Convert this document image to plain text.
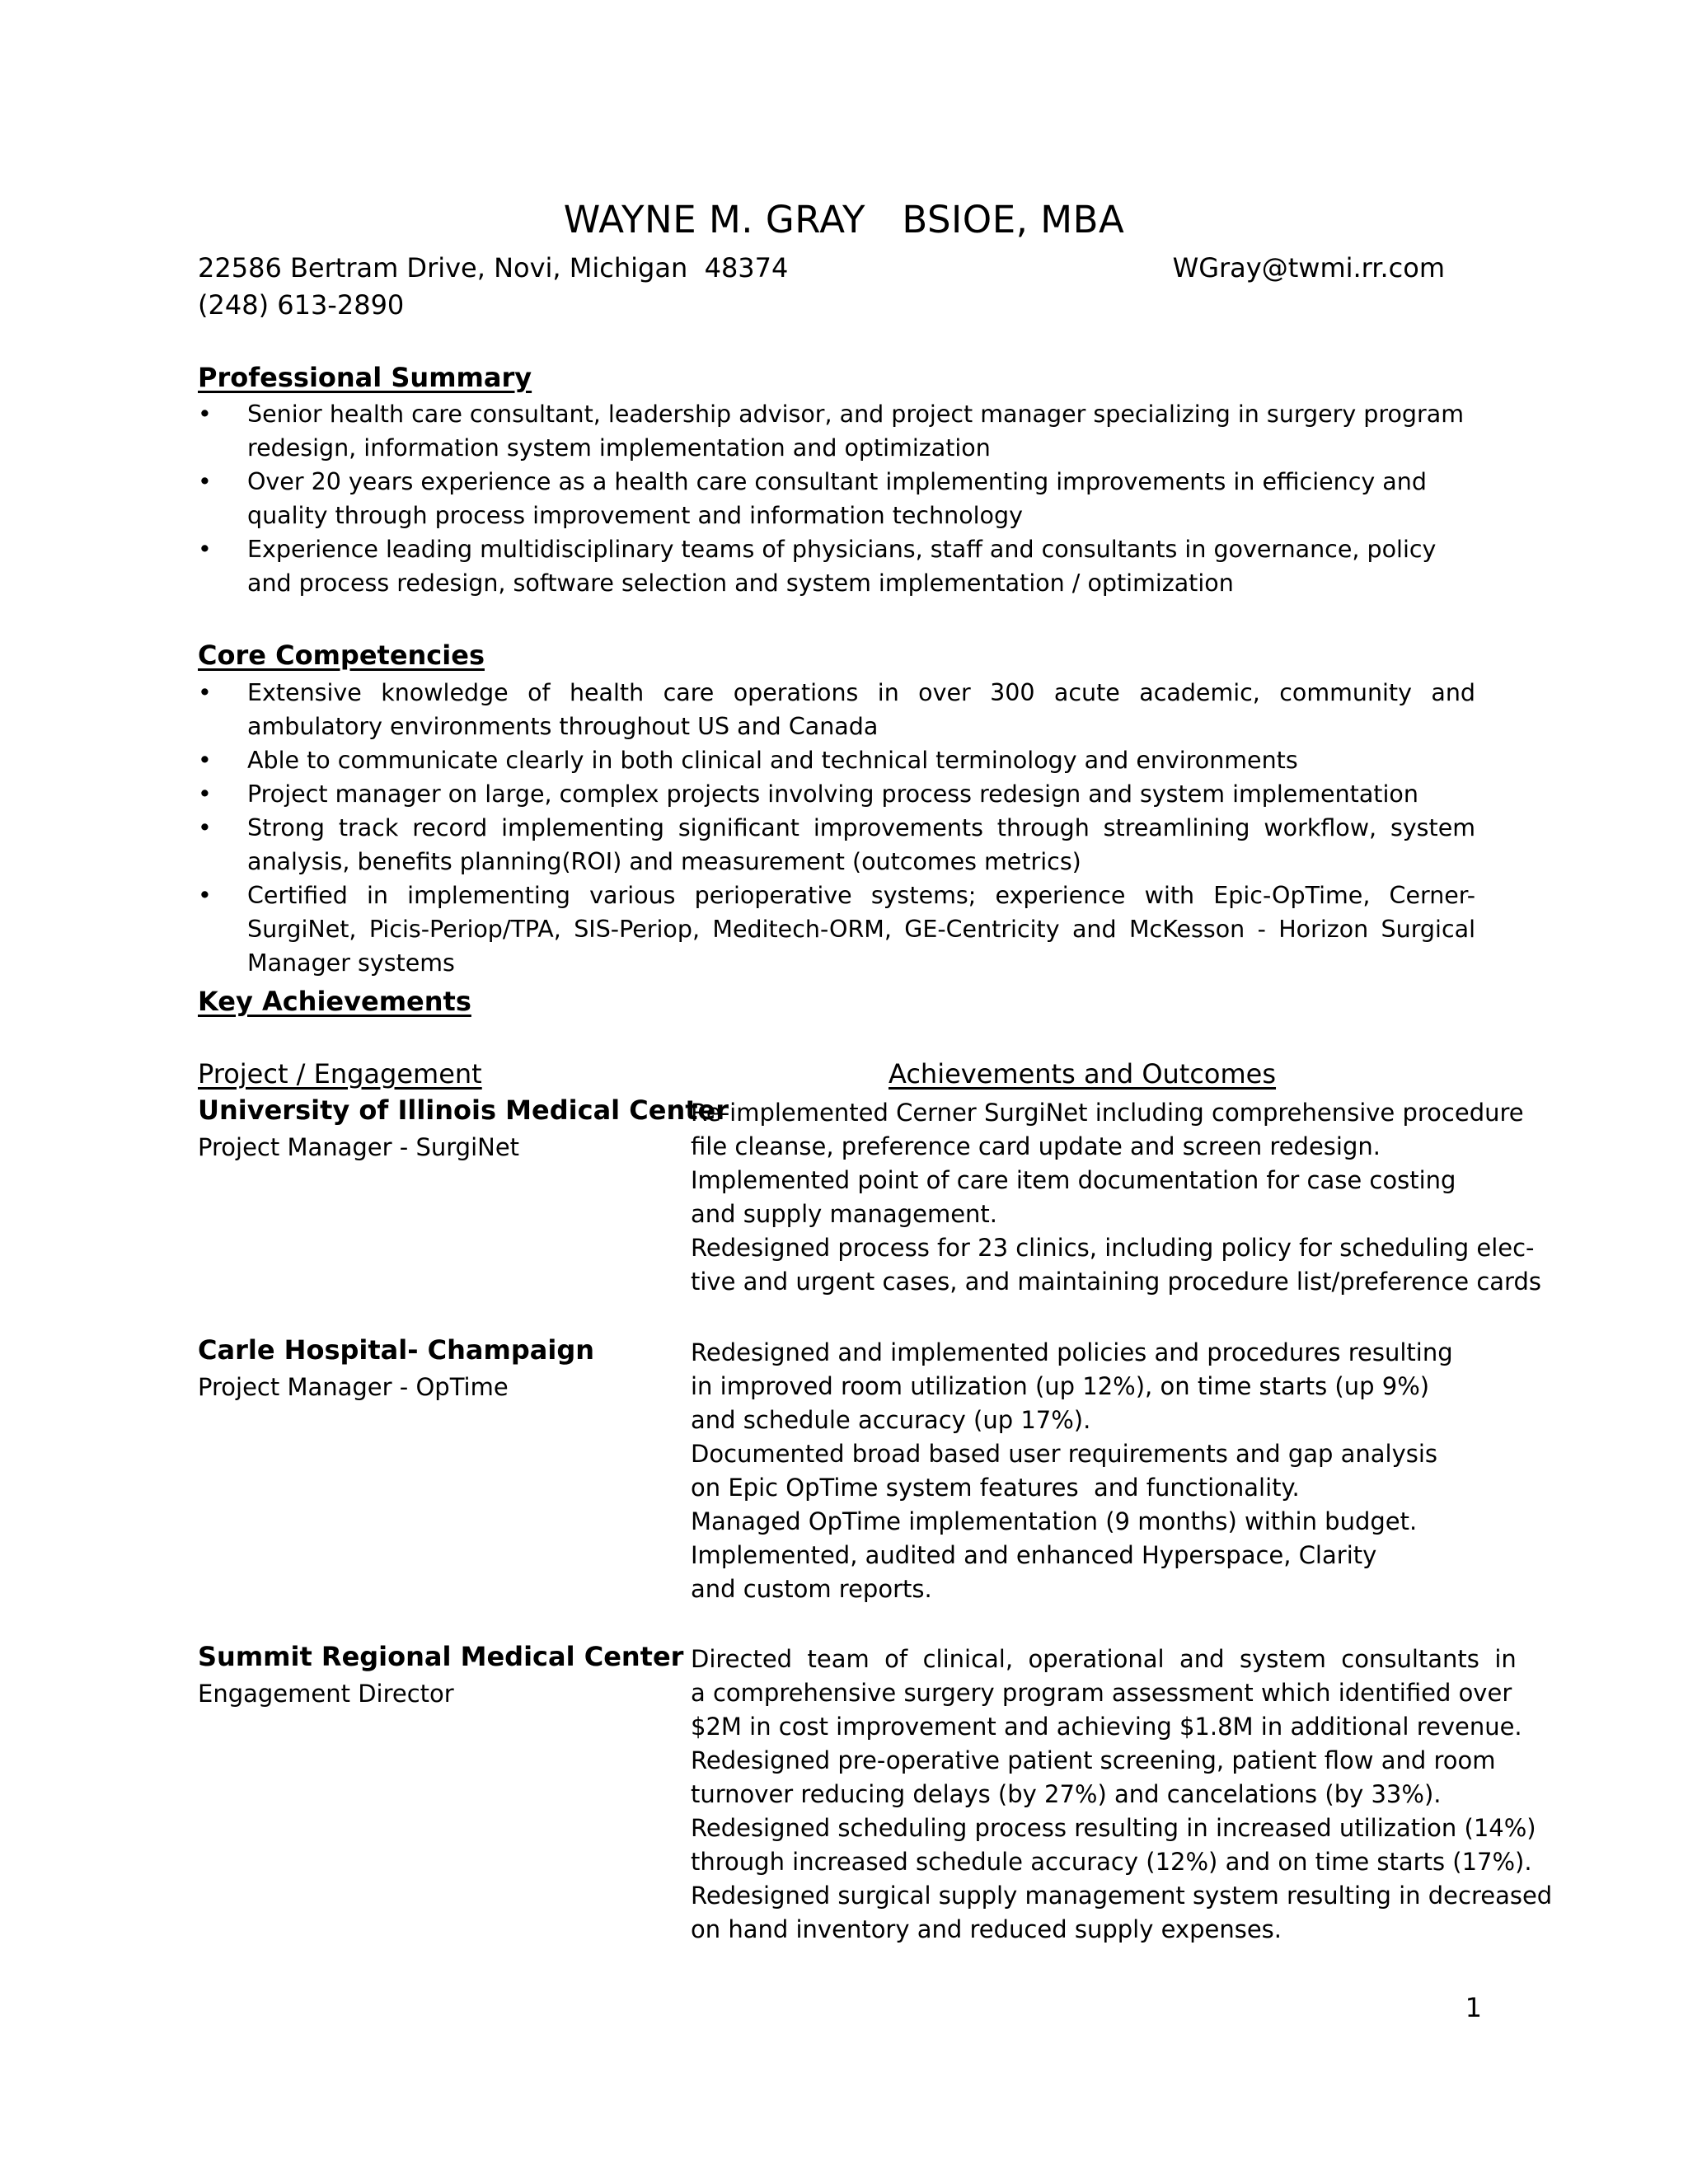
WAYNE M. GRAY   BSIOE, MBA
22586 Bertram Drive, Novi, Michigan  48374	WGray@twmi.rr.com
(248) 613-2890
Professional Summary
• Senior health care consultant, leadership advisor, and project manager specializing in surgery program redesign, information system implementation and optimization
• Over 20 years experience as a health care consultant implementing improvements in efficiency and quality through process improvement and information technology
• Experience leading multidisciplinary teams of physicians, staff and consultants in governance, policy and process redesign, software selection and system implementation / optimization
Core Competencies
• Extensive knowledge of health care operations in over 300 acute academic, community and ambulatory environments throughout US and Canada
• Able to communicate clearly in both clinical and technical terminology and environments
• Project manager on large, complex projects involving process redesign and system implementation
• Strong track record implementing significant improvements through streamlining workflow, system analysis, benefits planning(ROI) and measurement (outcomes metrics)
• Certified in implementing various perioperative systems; experience with Epic-OpTime, Cerner-SurgiNet, Picis-Periop/TPA, SIS-Periop, Meditech-ORM, GE-Centricity and McKesson - Horizon Surgical Manager systems
Key Achievements
Project / Engagement	Achievements and Outcomes
University of Illinois Medical Center
Project Manager - SurgiNet
Re-implemented Cerner SurgiNet including comprehensive procedure
file cleanse, preference card update and screen redesign.
Implemented point of care item documentation for case costing
and supply management.
Redesigned process for 23 clinics, including policy for scheduling elec-
tive and urgent cases, and maintaining procedure list/preference cards
Carle Hospital- Champaign
Project Manager - OpTime
Redesigned and implemented policies and procedures resulting
in improved room utilization (up 12%), on time starts (up 9%)
and schedule accuracy (up 17%).
Documented broad based user requirements and gap analysis
on Epic OpTime system features  and functionality.
Managed OpTime implementation (9 months) within budget.
Implemented, audited and enhanced Hyperspace, Clarity
and custom reports.
Summit Regional Medical Center
Engagement Director
Directed  team  of  clinical,  operational  and  system  consultants  in
a comprehensive surgery program assessment which identified over
$2M in cost improvement and achieving $1.8M in additional revenue.
Redesigned pre-operative patient screening, patient flow and room
turnover reducing delays (by 27%) and cancelations (by 33%).
Redesigned scheduling process resulting in increased utilization (14%)
through increased schedule accuracy (12%) and on time starts (17%).
Redesigned surgical supply management system resulting in decreased
on hand inventory and reduced supply expenses.
1
